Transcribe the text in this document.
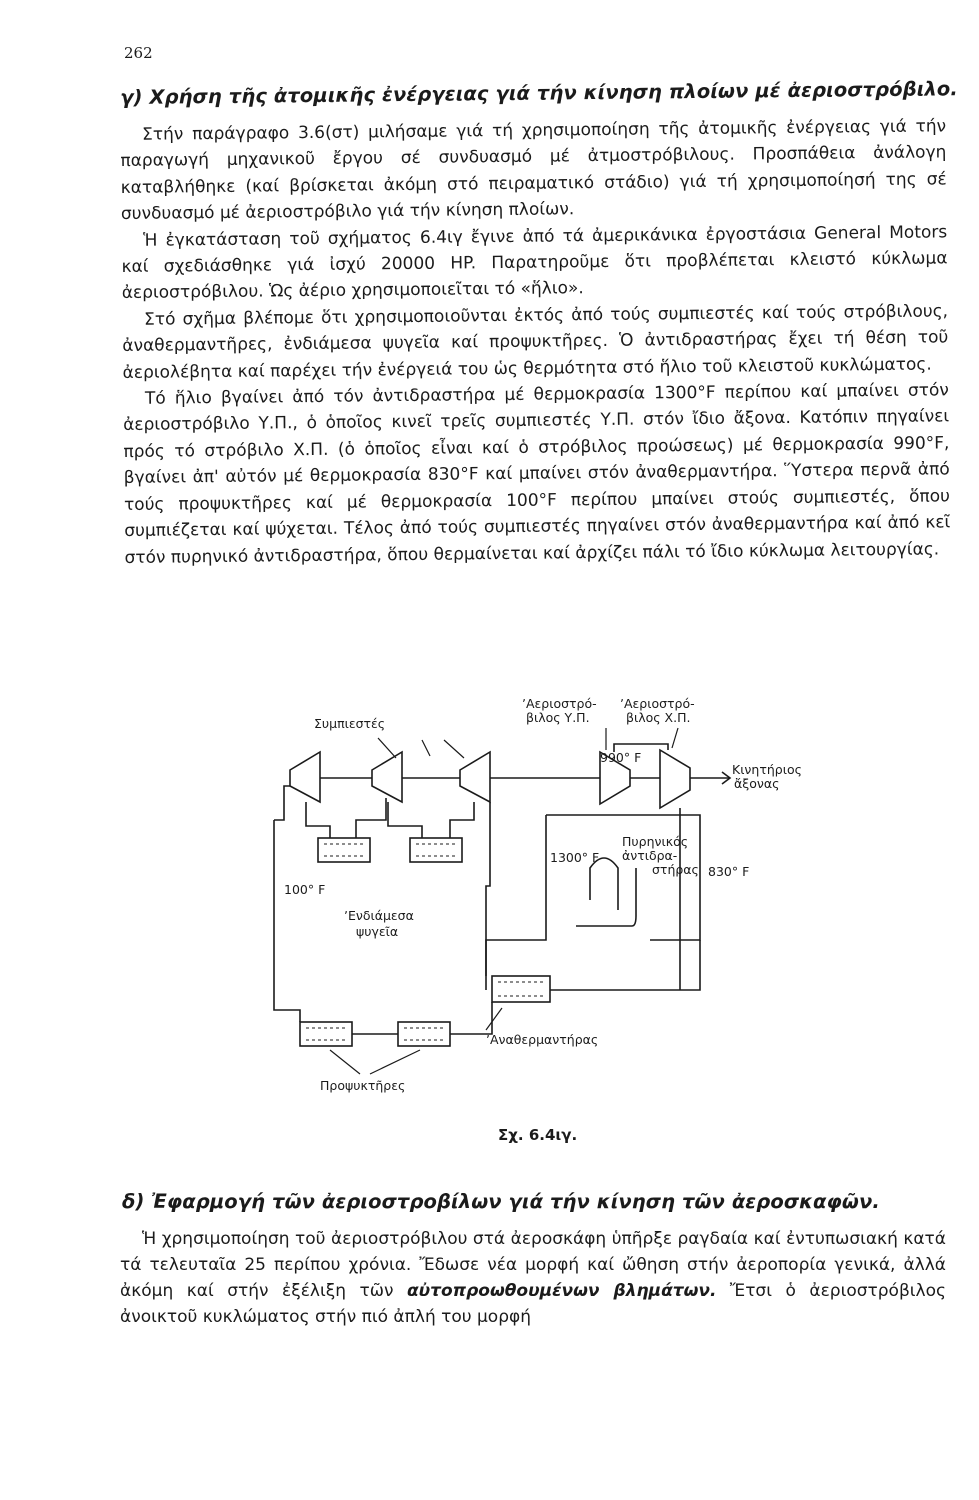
262
γ) Χρήση τῆς ἀτομικῆς ἐνέργειας γιά τήν κίνηση πλοίων μέ ἀεριοστρόβιλο.

Στήν παράγραφο 3.6(στ) μιλήσαμε γιά τή χρησιμοποίηση τῆς ἀτομικῆς ἐνέργειας γιά τήν παραγωγή μηχανικοῦ ἔργου σέ συνδυασμό μέ ἀτμοστρόβιλους. Προσπάθεια ἀνάλογη καταβλήθηκε (καί βρίσκεται ἀκόμη στό πειραματικό στάδιο) γιά τή χρησιμοποίησή της σέ συνδυασμό μέ ἀεριοστρόβιλο γιά τήν κίνηση πλοίων.

Ἡ ἐγκατάσταση τοῦ σχήματος 6.4ιγ ἔγινε ἀπό τά ἀμερικάνικα ἐργοστάσια General Motors καί σχεδιάσθηκε γιά ἰσχύ 20000 HP. Παρατηροῦμε ὅτι προβλέπεται κλειστό κύκλωμα ἀεριοστρόβιλου. Ὡς ἀέριο χρησιμοποιεῖται τό «ἥλιο».

Στό σχῆμα βλέπομε ὅτι χρησιμοποιοῦνται ἐκτός ἀπό τούς συμπιεστές καί τούς στρόβιλους, ἀναθερμαντῆρες, ἐνδιάμεσα ψυγεῖα καί προψυκτῆρες. Ὁ ἀντιδραστήρας ἔχει τή θέση τοῦ ἀεριολέβητα καί παρέχει τήν ἐνέργειά του ὡς θερμότητα στό ἥλιο τοῦ κλειστοῦ κυκλώματος.

Τό ἥλιο βγαίνει ἀπό τόν ἀντιδραστήρα μέ θερμοκρασία 1300°F περίπου καί μπαίνει στόν ἀεριοστρόβιλο Υ.Π., ὁ ὁποῖος κινεῖ τρεῖς συμπιεστές Υ.Π. στόν ἴδιο ἄξονα. Κατόπιν πηγαίνει πρός τό στρόβιλο Χ.Π. (ὁ ὁποῖος εἶναι καί ὁ στρόβιλος προώσεως) μέ θερμοκρασία 990°F, βγαίνει ἀπ' αὐτόν μέ θερμοκρασία 830°F καί μπαίνει στόν ἀναθερμαντήρα. Ὕστερα περνᾶ ἀπό τούς προψυκτῆρες καί μέ θερμοκρασία 100°F περίπου μπαίνει στούς συμπιεστές, ὅπου συμπιέζεται καί ψύχεται. Τέλος ἀπό τούς συμπιεστές πηγαίνει στόν ἀναθερμαντήρα καί ἀπό κεῖ στόν πυρηνικό ἀντιδραστήρα, ὅπου θερμαίνεται καί ἀρχίζει πάλι τό ἴδιο κύκλωμα λειτουργίας.

Συμπιεστές
ʼΑεριοστρό-
βιλος Υ.Π.
ʼΑεριοστρό-
βιλος Χ.Π.
990° F
Κινητήριος
ἄξονας
1300° F
Πυρηνικός
ἀντιδρα-
στήρας 830° F
100° F
ʼΕνδιάμεσα
ψυγεῖα
ʼΑναθερμαντήρας
Προψυκτῆρες
Σχ. 6.4ιγ.
δ) Ἐφαρμογή τῶν ἀεριοστροβίλων γιά τήν κίνηση τῶν ἀεροσκαφῶν.

Ἡ χρησιμοποίηση τοῦ ἀεριοστρόβιλου στά ἀεροσκάφη ὑπῆρξε ραγδαία καί ἐντυπωσιακή κατά τά τελευταῖα 25 περίπου χρόνια. Ἔδωσε νέα μορφή καί ὤθηση στήν ἀεροπορία γενικά, ἀλλά ἀκόμη καί στήν ἐξέλιξη τῶν αὐτοπροωθουμένων βλημάτων. Ἔτσι ὁ ἀεριοστρόβιλος ἀνοικτοῦ κυκλώματος στήν πιό ἀπλή του μορφή
